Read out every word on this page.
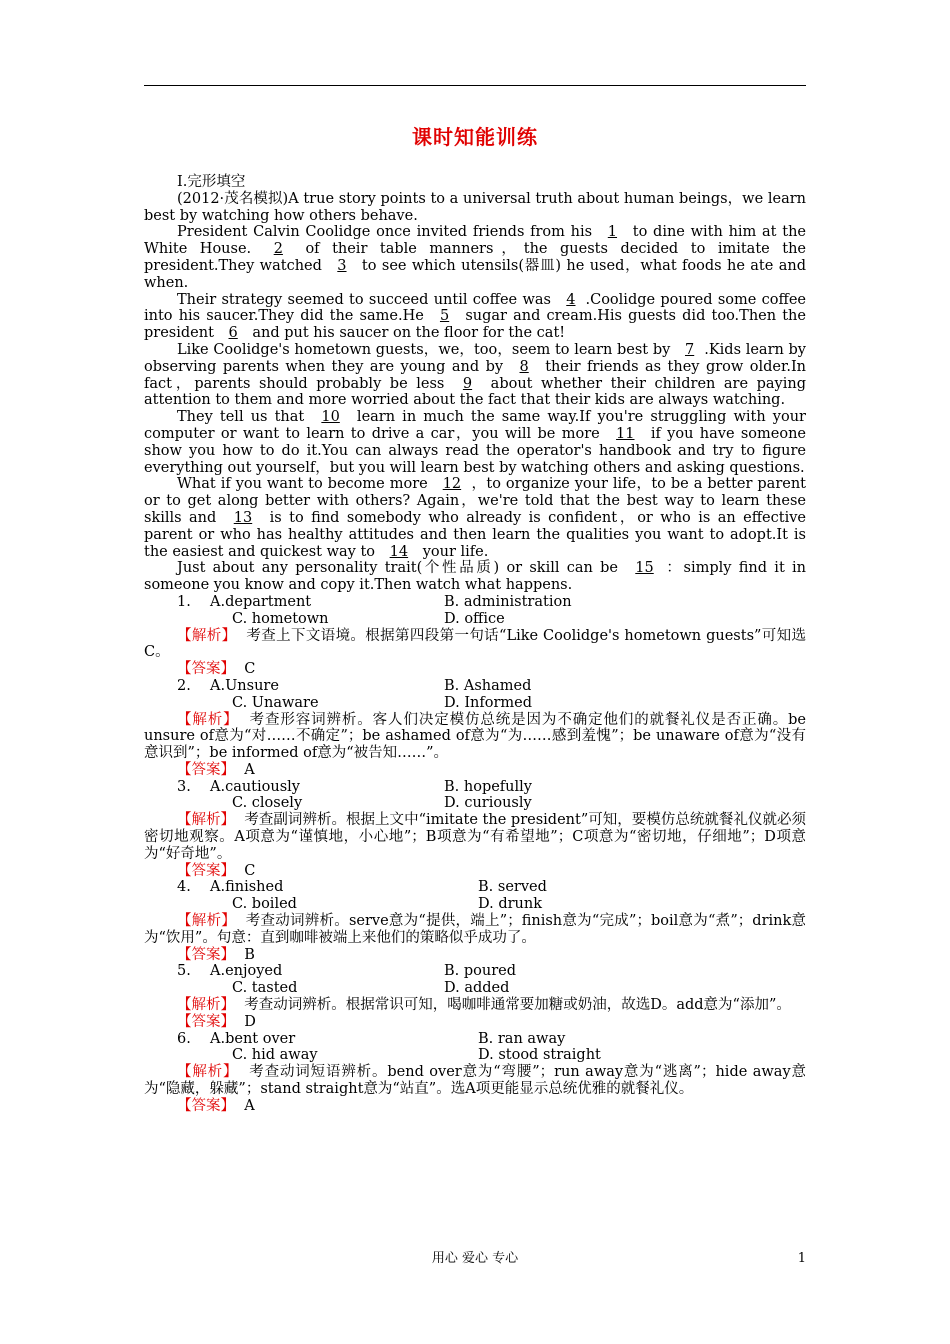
课时知能训练

Ⅰ.完形填空

(2012·茂名模拟)A true story points to a universal truth about human beings，we learn best by watching how others behave.

President Calvin Coolidge once invited friends from his 1 to dine with him at the White House. 2 of their table manners，the guests decided to imitate the president.They watched 3 to see which utensils(器皿) he used，what foods he ate and when.

Their strategy seemed to succeed until coffee was 4 .Coolidge poured some coffee into his saucer.They did the same.He 5 sugar and cream.His guests did too.Then the president 6 and put his saucer on the floor for the cat!

Like Coolidge's hometown guests，we，too，seem to learn best by 7 .Kids learn by observing parents when they are young and by 8 their friends as they grow older.In fact，parents should probably be less 9 about whether their children are paying attention to them and more worried about the fact that their kids are always watching.

They tell us that 10 learn in much the same way.If you're struggling with your computer or want to learn to drive a car，you will be more 11 if you have someone show you how to do it.You can always read the operator's handbook and try to figure everything out yourself，but you will learn best by watching others and asking questions.

What if you want to become more 12 ，to organize your life，to be a better parent or to get along better with others? Again，we're told that the best way to learn these skills and 13 is to find somebody who already is confident，or who is an effective parent or who has healthy attitudes and then learn the qualities you want to adopt.It is the easiest and quickest way to 14 your life.

Just about any personality trait(个性品质) or skill can be 15 ：simply find it in someone you know and copy it.Then watch what happens.

1. A.department	B. administration
C. hometown	D. office

【解析】 考查上下文语境。根据第四段第一句话“Like Coolidge's hometown guests”可知选C。

【答案】 C

2. A.Unsure	B. Ashamed
C. Unaware	D. Informed

【解析】 考查形容词辨析。客人们决定模仿总统是因为不确定他们的就餐礼仪是否正确。be unsure of意为“对……不确定”；be ashamed of意为“为……感到羞愧”；be unaware of意为“没有意识到”；be informed of意为“被告知……”。

【答案】 A

3. A.cautiously	B. hopefully
C. closely	D. curiously

【解析】 考查副词辨析。根据上文中“imitate the president”可知，要模仿总统就餐礼仪就必须密切地观察。A项意为“谨慎地，小心地”；B项意为“有希望地”；C项意为“密切地，仔细地”；D项意为“好奇地”。

【答案】 C

4. A.finished	B. served
C. boiled	D. drunk

【解析】 考查动词辨析。serve意为“提供，端上”；finish意为“完成”；boil意为“煮”；drink意为“饮用”。句意：直到咖啡被端上来他们的策略似乎成功了。

【答案】 B

5. A.enjoyed	B. poured
C. tasted	D. added

【解析】 考查动词辨析。根据常识可知，喝咖啡通常要加糖或奶油，故选D。add意为“添加”。

【答案】 D

6. A.bent over	B. ran away
C. hid away	D. stood straight

【解析】 考查动词短语辨析。bend over意为“弯腰”；run away意为“逃离”；hide away意为“隐藏，躲藏”；stand straight意为“站直”。选A项更能显示总统优雅的就餐礼仪。

【答案】 A

用心 爱心 专心	1
